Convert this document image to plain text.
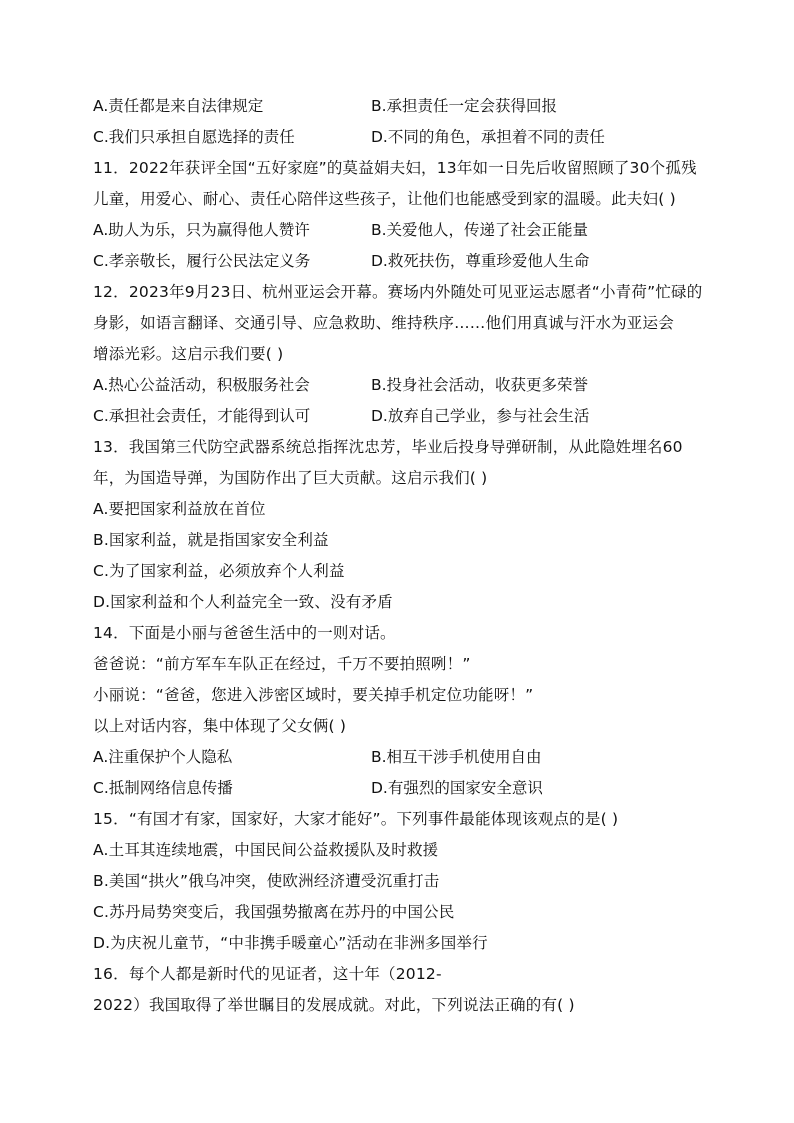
A.责任都是来自法律规定	B.承担责任一定会获得回报
C.我们只承担自愿选择的责任	D.不同的角色，承担着不同的责任
11．2022年获评全国“五好家庭”的莫益娟夫妇，13年如一日先后收留照顾了30个孤残
儿童，用爱心、耐心、责任心陪伴这些孩子，让他们也能感受到家的温暖。此夫妇( )
A.助人为乐，只为赢得他人赞许	B.关爱他人，传递了社会正能量
C.孝亲敬长，履行公民法定义务	D.救死扶伤，尊重珍爱他人生命
12．2023年9月23日、杭州亚运会开幕。赛场内外随处可见亚运志愿者“小青荷”忙碌的
身影，如语言翻译、交通引导、应急救助、维持秩序……他们用真诚与汗水为亚运会
增添光彩。这启示我们要( )
A.热心公益活动，积极服务社会	B.投身社会活动，收获更多荣誉
C.承担社会责任，才能得到认可	D.放弃自己学业，参与社会生活
13．我国第三代防空武器系统总指挥沈忠芳，毕业后投身导弹研制，从此隐姓埋名60
年，为国造导弹，为国防作出了巨大贡献。这启示我们( )
A.要把国家利益放在首位
B.国家利益，就是指国家安全利益
C.为了国家利益，必须放弃个人利益
D.国家利益和个人利益完全一致、没有矛盾
14．下面是小丽与爸爸生活中的一则对话。
爸爸说：“前方军车车队正在经过，千万不要拍照咧！”
小丽说：“爸爸，您进入涉密区域时，要关掉手机定位功能呀！”
以上对话内容，集中体现了父女俩( )
A.注重保护个人隐私	B.相互干涉手机使用自由
C.抵制网络信息传播	D.有强烈的国家安全意识
15．“有国才有家，国家好，大家才能好”。下列事件最能体现该观点的是( )
A.土耳其连续地震，中国民间公益救援队及时救援
B.美国“拱火”俄乌冲突，使欧洲经济遭受沉重打击
C.苏丹局势突变后，我国强势撤离在苏丹的中国公民
D.为庆祝儿童节，“中非携手暖童心”活动在非洲多国举行
16．每个人都是新时代的见证者，这十年（2012-
2022）我国取得了举世瞩目的发展成就。对此，下列说法正确的有( )
